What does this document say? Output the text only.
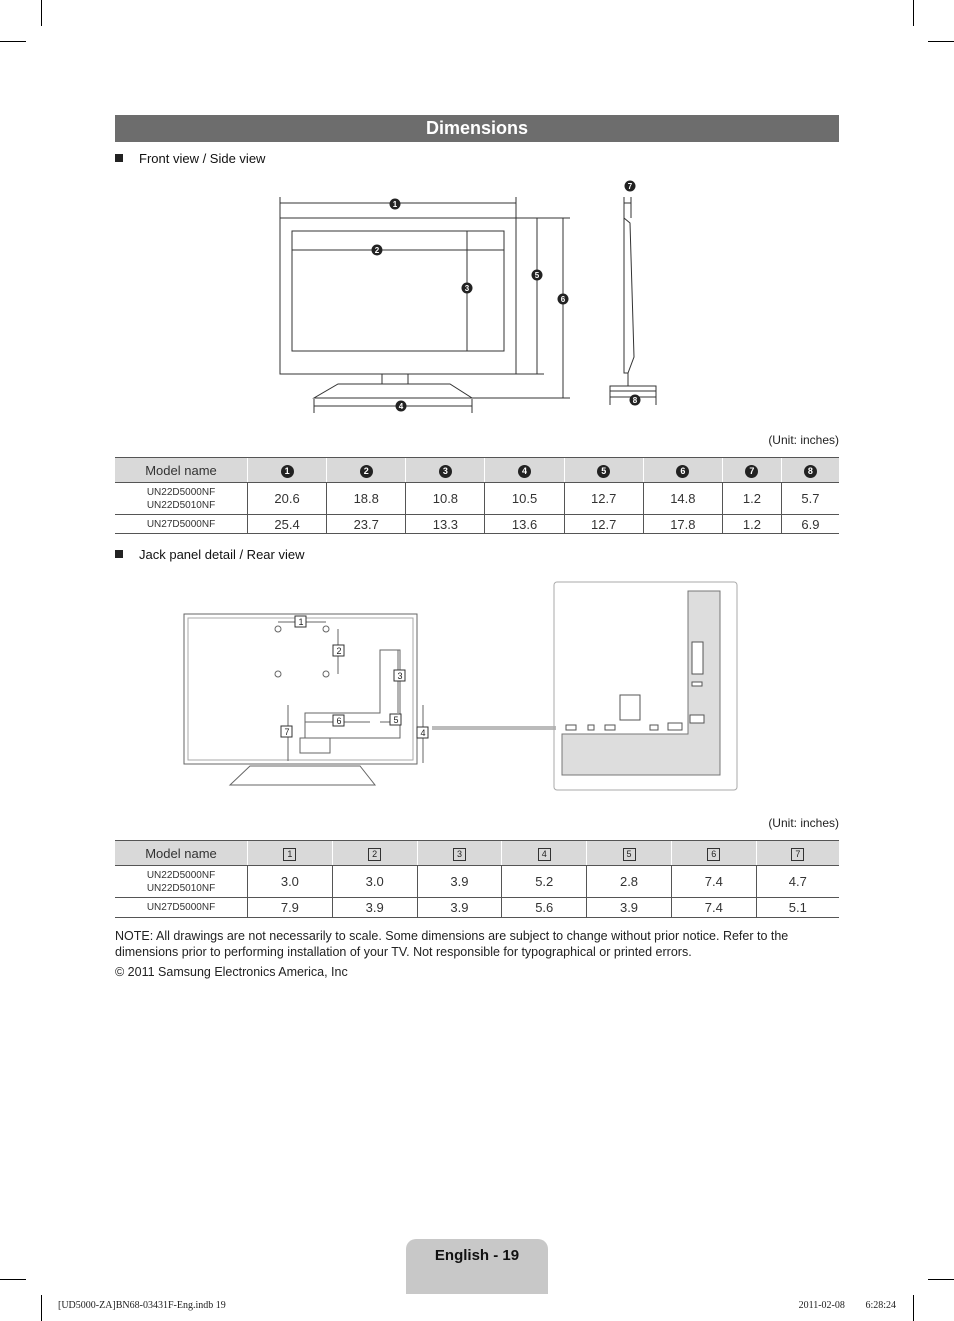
Dimensions
Front view / Side view
1
2
3
4
5
6
7
8
(Unit: inches)
Model name	1	2	3	4	5	6	7	8
UN22D5000NF
UN22D5010NF	20.6	18.8	10.8	10.5	12.7	14.8	1.2	5.7
UN27D5000NF	25.4	23.7	13.3	13.6	12.7	17.8	1.2	6.9
Jack panel detail / Rear view
1
2
3
4
5
6
7
(Unit: inches)
Model name	1	2	3	4	5	6	7
UN22D5000NF
UN22D5010NF	3.0	3.0	3.9	5.2	2.8	7.4	4.7
UN27D5000NF	7.9	3.9	3.9	5.6	3.9	7.4	5.1
NOTE: All drawings are not necessarily to scale. Some dimensions are subject to change without prior notice. Refer to the dimensions prior to performing installation of your TV. Not responsible for typographical or printed errors.
© 2011 Samsung Electronics America, Inc
English - 19
[UD5000-ZA]BN68-03431F-Eng.indb 19	2011-02-08 ￿￿ 6:28:24
